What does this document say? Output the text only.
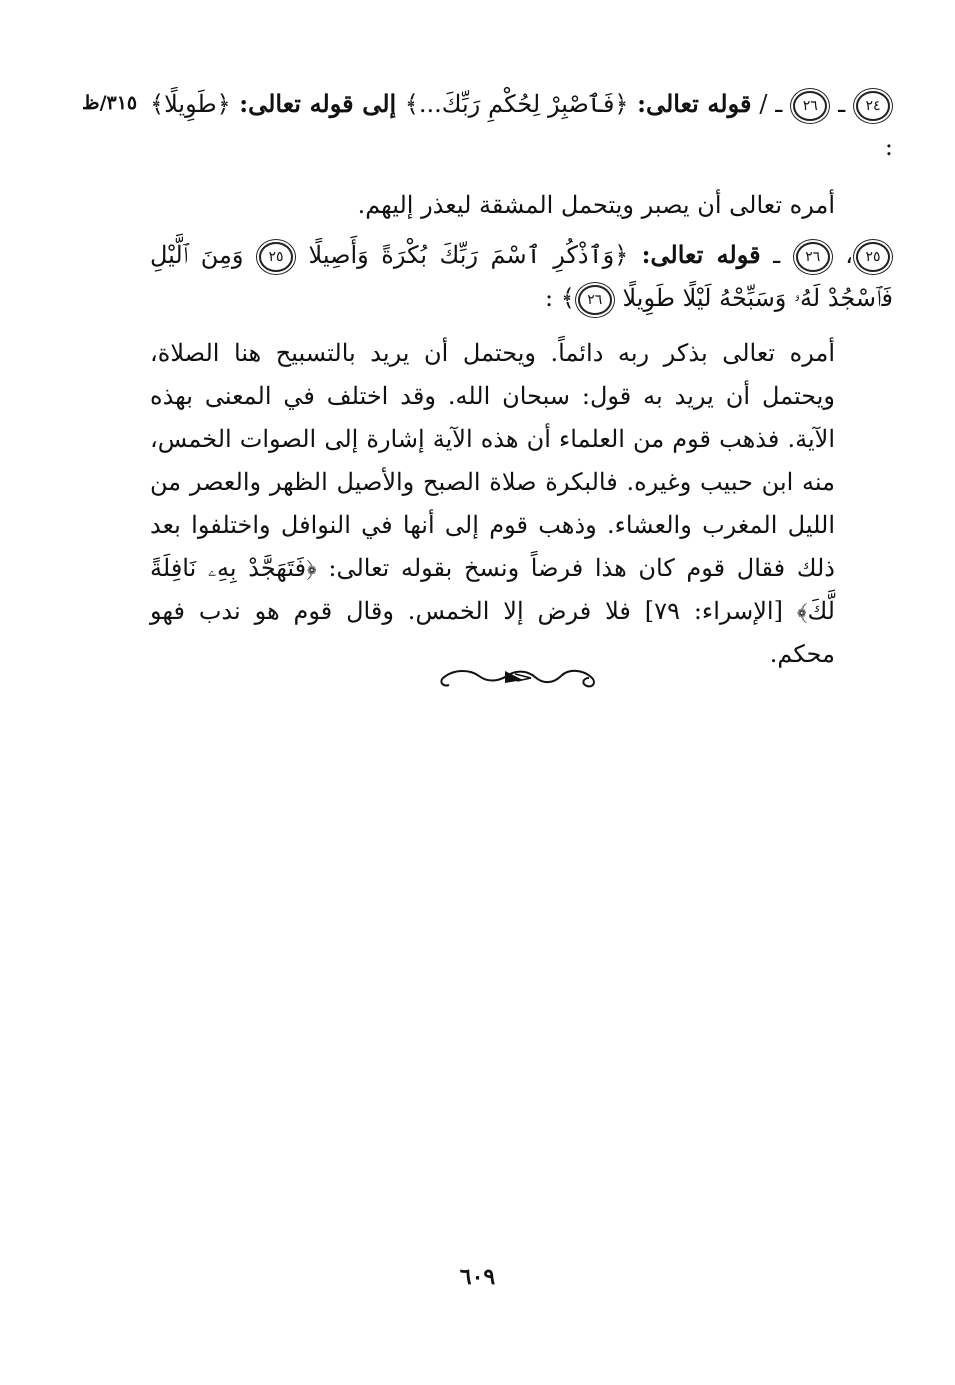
٣١٥/ظ	٢٤ ـ ٢٦ ـ / قوله تعالى: ﴿فَٱصْبِرْ لِحُكْمِ رَبِّكَ...﴾ إلى قوله تعالى: ﴿طَوِيلًا﴾ :
أمره تعالى أن يصبر ويتحمل المشقة ليعذر إليهم.
٢٥، ٢٦ ـ قوله تعالى: ﴿وَٱذْكُرِ ٱسْمَ رَبِّكَ بُكْرَةً وَأَصِيلًا ٢٥ وَمِنَ ٱلَّيْلِ فَٱسْجُدْ لَهُۥ وَسَبِّحْهُ لَيْلًا طَوِيلًا ٢٦﴾ :
أمره تعالى بذكر ربه دائماً. ويحتمل أن يريد بالتسبيح هنا الصلاة، ويحتمل أن يريد به قول: سبحان الله. وقد اختلف في المعنى بهذه الآية. فذهب قوم من العلماء أن هذه الآية إشارة إلى الصوات الخمس، منه ابن حبيب وغيره. فالبكرة صلاة الصبح والأصيل الظهر والعصر من الليل المغرب والعشاء. وذهب قوم إلى أنها في النوافل واختلفوا بعد ذلك فقال قوم كان هذا فرضاً ونسخ بقوله تعالى: ﴿فَتَهَجَّدْ بِهِۦ نَافِلَةً لَّكَ﴾ [الإسراء: ٧٩] فلا فرض إلا الخمس. وقال قوم هو ندب فهو محكم.
٦٠٩
